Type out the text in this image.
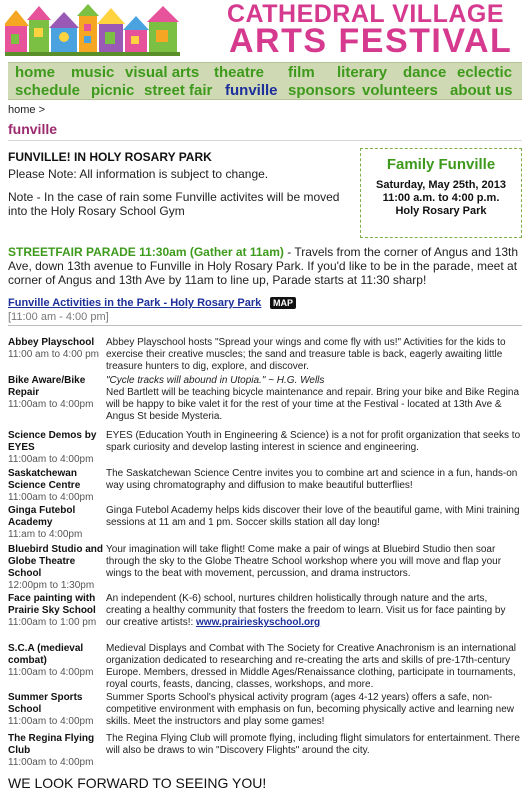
CATHEDRAL VILLAGE
ARTS FESTIVAL
home music visual arts theatre film literary dance eclectic
schedule picnic street fair funville sponsors volunteers about us
home >
funville
FUNVILLE! IN HOLY ROSARY PARK
Please Note: All information is subject to change.
Note - In the case of rain some Funville activites will be moved into the Holy Rosary School Gym
Family Funville
Saturday, May 25th, 2013
11:00 a.m. to 4:00 p.m.
Holy Rosary Park
STREETFAIR PARADE 11:30am (Gather at 11am) - Travels from the corner of Angus and 13th Ave, down 13th avenue to Funville in Holy Rosary Park. If you'd like to be in the parade, meet at corner of Angus and 13th Ave by 11am to line up, Parade starts at 11:30 sharp!
Funville Activities in the Park - Holy Rosary Park	MAP
[11:00 am - 4:00 pm]
Abbey Playschool
11:00 am to 4:00 pm
Abbey Playschool hosts "Spread your wings and come fly with us!" Activities for the kids to exercise their creative muscles; the sand and treasure table is back, eagerly awaiting little treasure hunters to dig, explore, and discover.
Bike Aware/Bike Repair
11:00am to 4:00pm
"Cycle tracks will abound in Utopia." ~ H.G. Wells
Ned Bartlett will be teaching bicycle maintenance and repair. Bring your bike and Bike Regina will be happy to bike valet it for the rest of your time at the Festival - located at 13th Ave & Angus St beside Mysteria.
Science Demos by EYES
11:00am to 4:00pm
EYES (Education Youth in Engineering & Science) is a not for profit organization that seeks to spark curiosity and develop lasting interest in science and engineering.
Saskatchewan Science Centre
11:00am to 4:00pm
The Saskatchewan Science Centre invites you to combine art and science in a fun, hands-on way using chromatography and diffusion to make beautiful butterflies!
Ginga Futebol Academy
11:am to 4:00pm
Ginga Futebol Academy helps kids discover their love of the beautiful game, with Mini training sessions at 11 am and 1 pm. Soccer skills station all day long!
Bluebird Studio and Globe Theatre School
12:00pm to 1:30pm
Your imagination will take flight! Come make a pair of wings at Bluebird Studio then soar through the sky to the Globe Theatre School workshop where you will move and flap your wings to the beat with movement, percussion, and drama instructors.
Face painting with Prairie Sky School
11:00am to 1:00 pm
An independent (K-6) school, nurtures children holistically through nature and the arts, creating a healthy community that fosters the freedom to learn. Visit us for face painting by our creative artists!: www.prairieskyschool.org
S.C.A (medieval combat)
11:00am to 4:00pm
Medieval Displays and Combat with The Society for Creative Anachronism is an international organization dedicated to researching and re-creating the arts and skills of pre-17th-century Europe. Members, dressed in Middle Ages/Renaissance clothing, participate in tournaments, royal courts, feasts, dancing, classes, workshops, and more.
Summer Sports School
11:00am to 4:00pm
Summer Sports School's physical activity program (ages 4-12 years) offers a safe, non-competitive environment with emphasis on fun, becoming physically active and learning new skills. Meet the instructors and play some games!
The Regina Flying Club
11:00am to 4:00pm
The Regina Flying Club will promote flying, including flight simulators for entertainment. There will also be draws to win "Discovery Flights" around the city.
WE LOOK FORWARD TO SEEING YOU!
